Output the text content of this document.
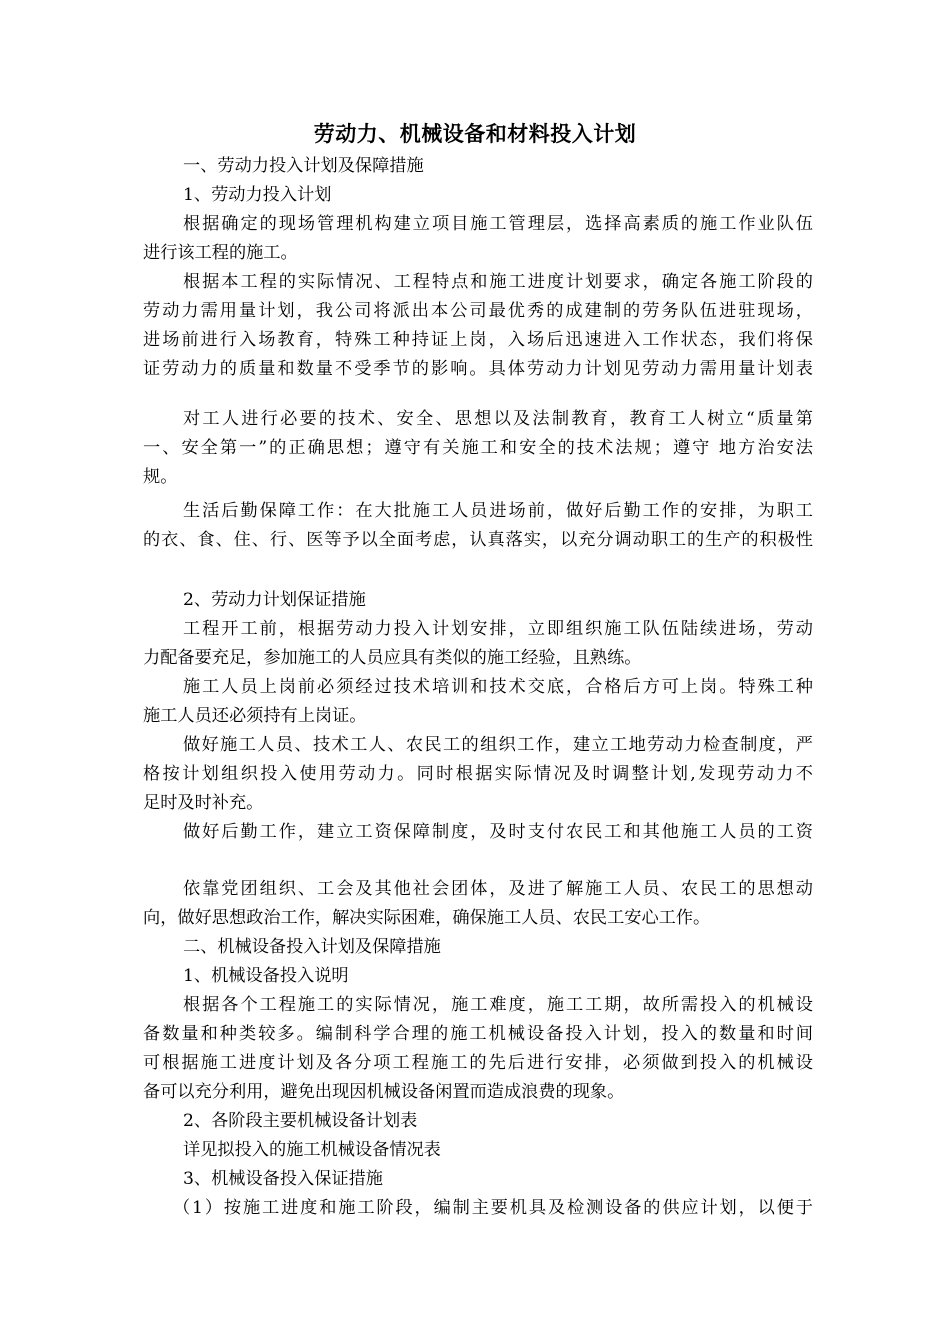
劳动力、机械设备和材料投入计划
一、劳动力投入计划及保障措施
1、劳动力投入计划
根据确定的现场管理机构建立项目施工管理层，选择高素质的施工作业队伍
进行该工程的施工。
根据本工程的实际情况、工程特点和施工进度计划要求，确定各施工阶段的
劳动力需用量计划，我公司将派出本公司最优秀的成建制的劳务队伍进驻现场，
进场前进行入场教育，特殊工种持证上岗，入场后迅速进入工作状态，我们将保
证劳动力的质量和数量不受季节的影响。具体劳动力计划见劳动力需用量计划表
对工人进行必要的技术、安全、思想以及法制教育，教育工人树立“质量第
一、安全第一”的正确思想；遵守有关施工和安全的技术法规；遵守 地方治安法
规。
生活后勤保障工作：在大批施工人员进场前，做好后勤工作的安排，为职工
的衣、食、住、行、医等予以全面考虑，认真落实，以充分调动职工的生产的积极性
2、劳动力计划保证措施
工程开工前，根据劳动力投入计划安排，立即组织施工队伍陆续进场，劳动
力配备要充足，参加施工的人员应具有类似的施工经验，且熟练。
施工人员上岗前必须经过技术培训和技术交底，合格后方可上岗。特殊工种
施工人员还必须持有上岗证。
做好施工人员、技术工人、农民工的组织工作，建立工地劳动力检查制度，严
格按计划组织投入使用劳动力。同时根据实际情况及时调整计划,发现劳动力不
足时及时补充。
做好后勤工作，建立工资保障制度，及时支付农民工和其他施工人员的工资
依靠党团组织、工会及其他社会团体，及进了解施工人员、农民工的思想动
向，做好思想政治工作，解决实际困难，确保施工人员、农民工安心工作。
二、机械设备投入计划及保障措施
1、机械设备投入说明
根据各个工程施工的实际情况，施工难度，施工工期，故所需投入的机械设
备数量和种类较多。编制科学合理的施工机械设备投入计划，投入的数量和时间
可根据施工进度计划及各分项工程施工的先后进行安排，必须做到投入的机械设
备可以充分利用，避免出现因机械设备闲置而造成浪费的现象。
2、各阶段主要机械设备计划表
详见拟投入的施工机械设备情况表
3、机械设备投入保证措施
（1）按施工进度和施工阶段，编制主要机具及检测设备的供应计划，以便于
